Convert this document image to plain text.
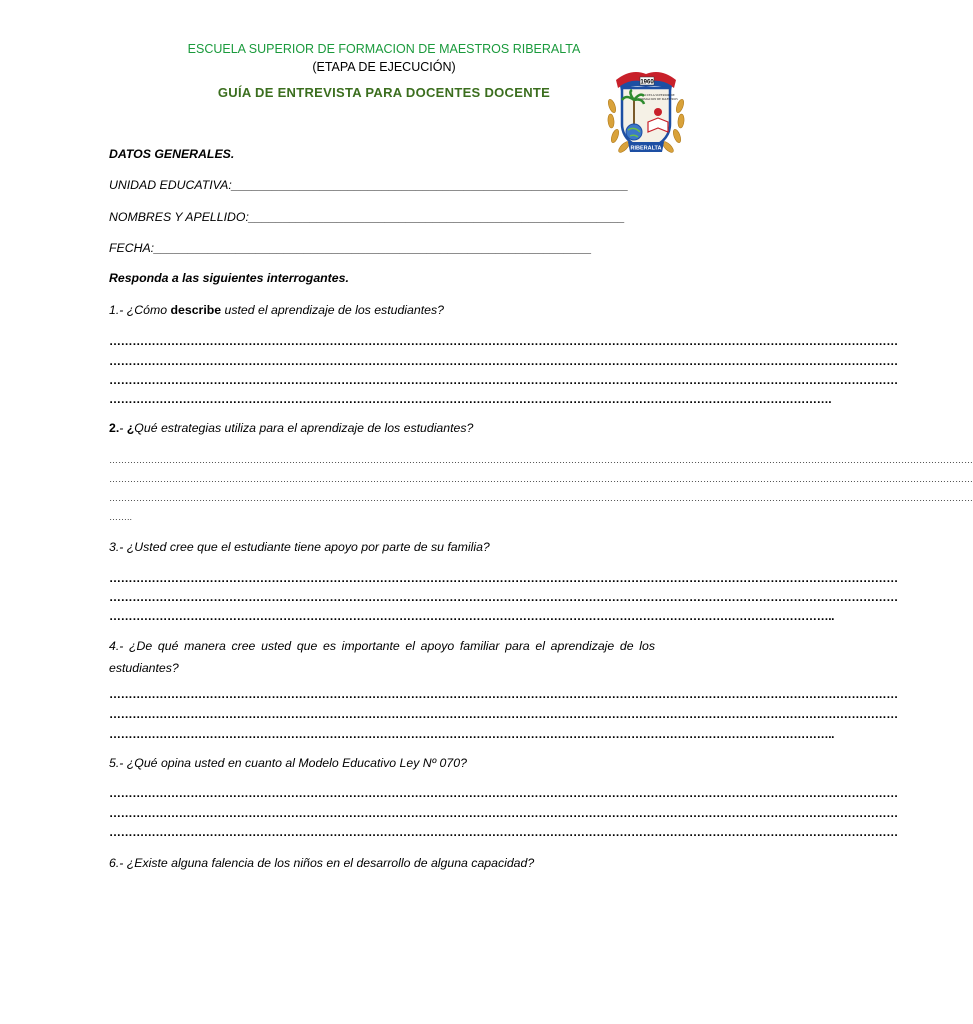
ESCUELA SUPERIOR DE FORMACION DE MAESTROS RIBERALTA
(ETAPA DE EJECUCIÓN)
GUÍA DE ENTREVISTA PARA DOCENTES DOCENTE
1960
ESCUELA SUPERIOR DE
FORMACION DE MAESTROS
RIBERALTA

DATOS GENERALES.

UNIDAD EDUCATIVA:__________________________________________________________

NOMBRES Y APELLIDO:_______________________________________________________

FECHA:________________________________________________________________

Responda a las siguientes interrogantes.

1.- ¿Cómo describe usted el aprendizaje de los estudiantes?

……………………………………………………………………………………………………………………………………………………………………………………
……………………………………………………………………………………………………………………………………………………………………………………
……………………………………………………………………………………………………………………………………………………………………………………
…………………………………………………………………………………………………………………………………………………………………….

2.- ¿Qué estrategias utiliza para el aprendizaje de los estudiantes?

………………………………………………………………………………………………………………………………………………………………………………………………………………………………………………………………
………………………………………………………………………………………………………………………………………………………………………………………………………………………………………………………………
………………………………………………………………………………………………………………………………………………………………………………………………………………………………………………………………
……..

3.- ¿Usted cree que el estudiante tiene apoyo por parte de su familia?

……………………………………………………………………………………………………………………………………………………………………………………
……………………………………………………………………………………………………………………………………………………………………………………
……………………………………………………………………………………………………………………………………………………………………..

4.- ¿De qué manera cree usted que es importante el apoyo familiar para el aprendizaje de los estudiantes?

……………………………………………………………………………………………………………………………………………………………………………………
……………………………………………………………………………………………………………………………………………………………………………………
……………………………………………………………………………………………………………………………………………………………………..

5.- ¿Qué opina usted en cuanto al Modelo Educativo Ley Nº 070?

……………………………………………………………………………………………………………………………………………………………………………………
……………………………………………………………………………………………………………………………………………………………………………………
……………………………………………………………………………………………………………………………………………………………………………………

6.- ¿Existe alguna falencia de los niños en el desarrollo de alguna capacidad?
